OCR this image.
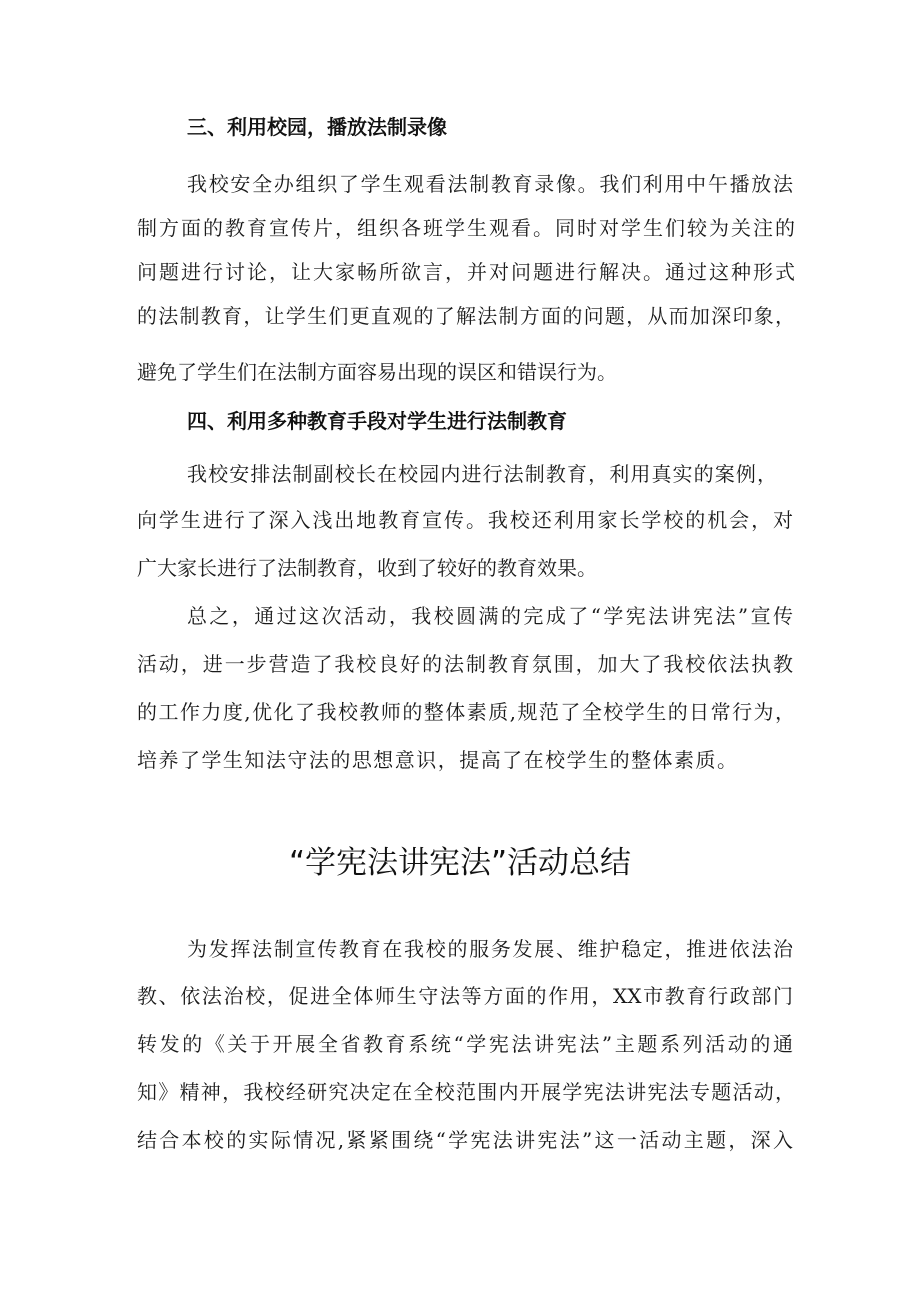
三、利用校园，播放法制录像
我校安全办组织了学生观看法制教育录像。我们利用中午播放法
制方面的教育宣传片，组织各班学生观看。同时对学生们较为关注的
问题进行讨论，让大家畅所欲言，并对问题进行解决。通过这种形式
的法制教育，让学生们更直观的了解法制方面的问题，从而加深印象，
避免了学生们在法制方面容易出现的误区和错误行为。
四、利用多种教育手段对学生进行法制教育
我校安排法制副校长在校园内进行法制教育，利用真实的案例，
向学生进行了深入浅出地教育宣传。我校还利用家长学校的机会，对
广大家长进行了法制教育，收到了较好的教育效果。
总之，通过这次活动，我校圆满的完成了“学宪法讲宪法”宣传
活动，进一步营造了我校良好的法制教育氛围，加大了我校依法执教
的工作力度,优化了我校教师的整体素质,规范了全校学生的日常行为，
培养了学生知法守法的思想意识，提高了在校学生的整体素质。
“学宪法讲宪法”活动总结
为发挥法制宣传教育在我校的服务发展、维护稳定，推进依法治
教、依法治校，促进全体师生守法等方面的作用，XX市教育行政部门
转发的《关于开展全省教育系统“学宪法讲宪法”主题系列活动的通
知》精神，我校经研究决定在全校范围内开展学宪法讲宪法专题活动，
结合本校的实际情况,紧紧围绕“学宪法讲宪法”这一活动主题，深入
